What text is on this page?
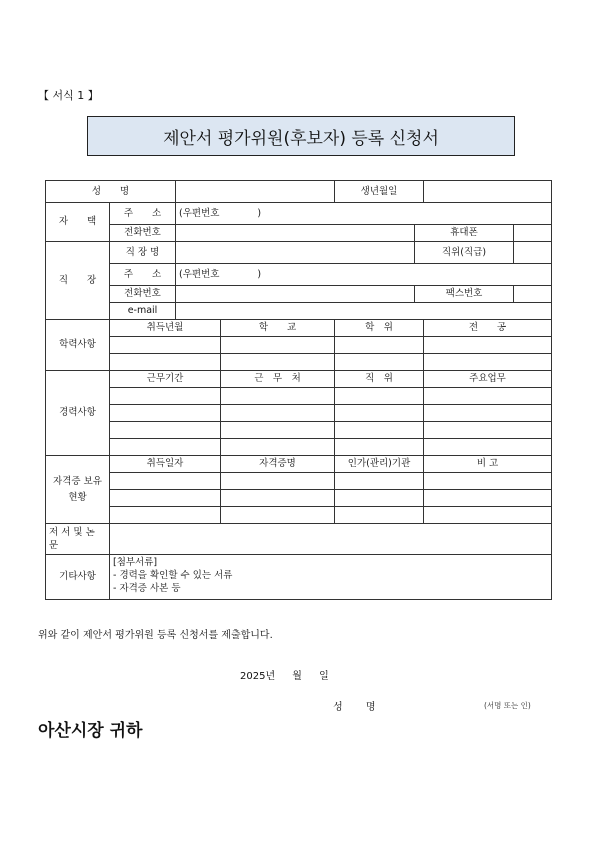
【 서식 1 】
제안서 평가위원(후보자) 등록 신청서
성　　명				생년월일			
자　　택	주　　소	(우편번호　　　　)					
	전화번호				휴대폰		
직　　장	직 장 명				직위(직급)		
	주　　소	(우편번호　　　　)					
	전화번호				팩스번호		
	e-mail						
학력사항	취득년월		학　　교	학　위		전　　공	

경력사항	근무기간		근　무　처	직　위		주요업무	

자격증 보유현황	취득일자		자격증명	인가(관리)기관		비 고	

저 서 및 논　　문							
기타사항	[첨부서류]
- 경력을 확인할 수 있는 서류
- 자격증 사본 등						
위와 같이 제안서 평가위원 등록 신청서를 제출합니다.
2025년 월 일
성 명	(서명 또는 인)
아산시장 귀하
